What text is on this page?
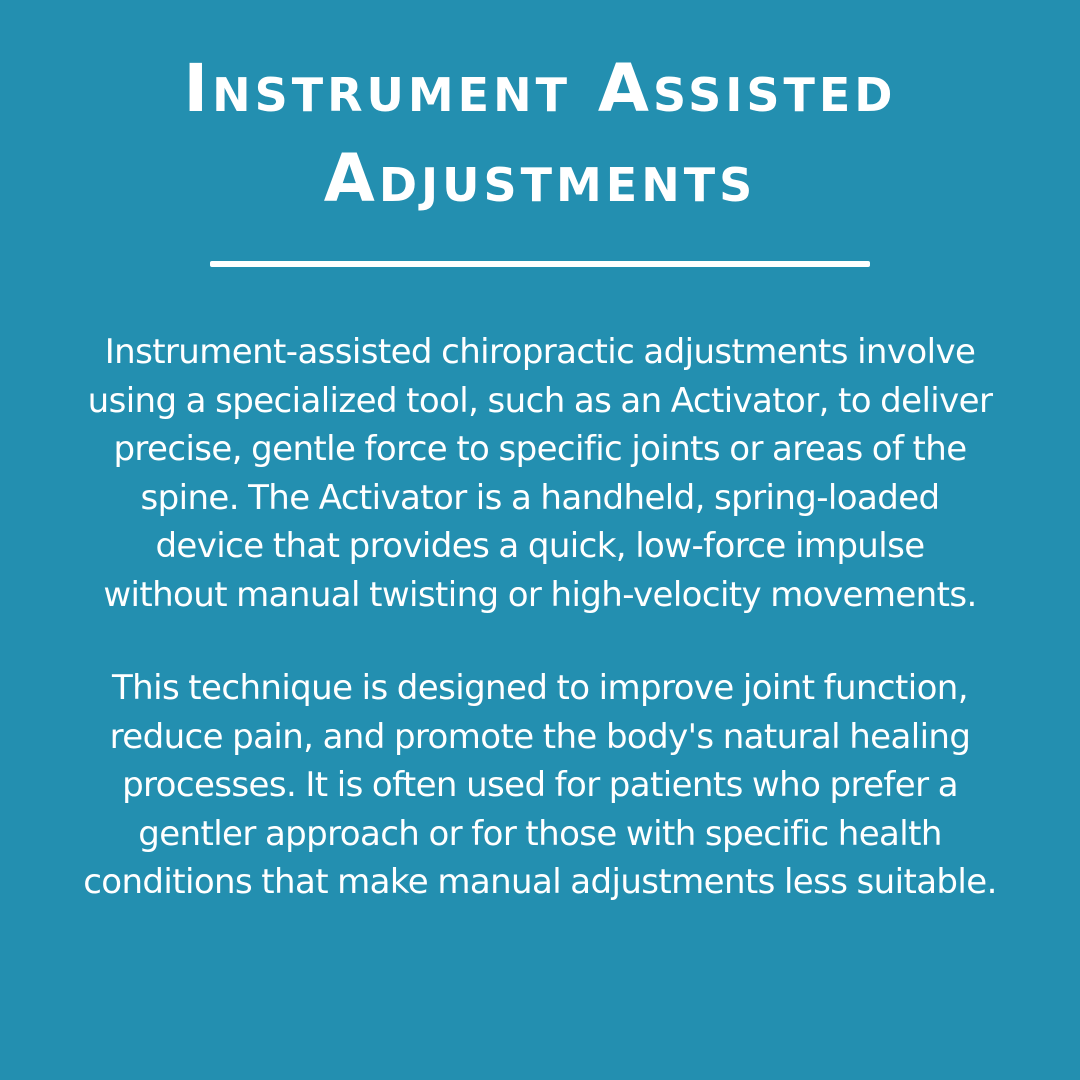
Instrument Assisted
Adjustments

Instrument-assisted chiropractic adjustments involve
using a specialized tool, such as an Activator, to deliver
precise, gentle force to specific joints or areas of the
spine. The Activator is a handheld, spring-loaded
device that provides a quick, low-force impulse
without manual twisting or high-velocity movements.

This technique is designed to improve joint function,
reduce pain, and promote the body's natural healing
processes. It is often used for patients who prefer a
gentler approach or for those with specific health
conditions that make manual adjustments less suitable.
